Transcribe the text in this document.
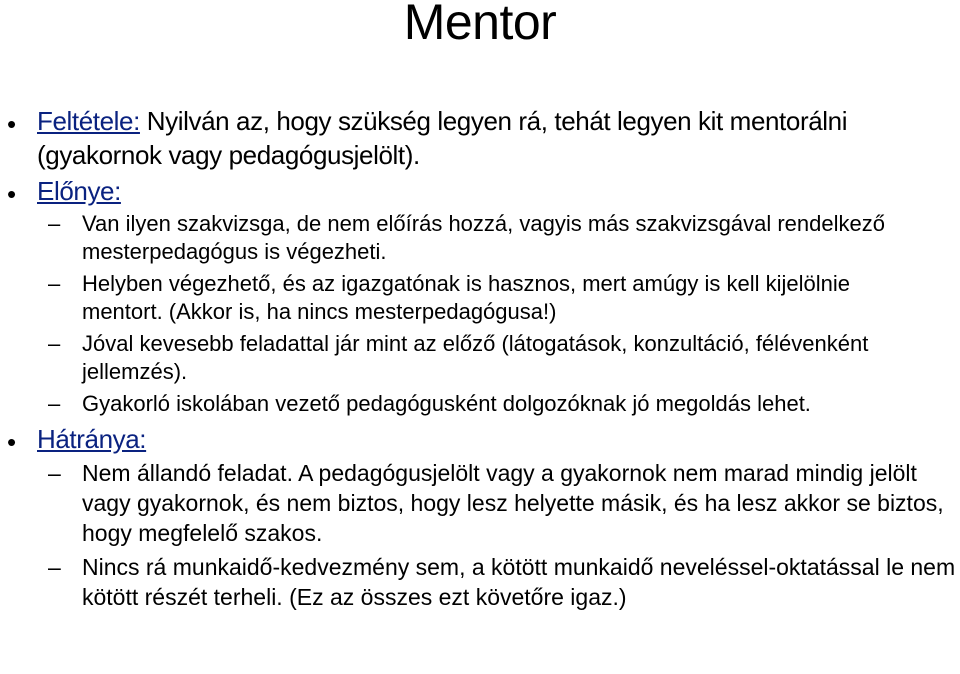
Mentor
• Feltétele: Nyilván az, hogy szükség legyen rá, tehát legyen kit mentorálni (gyakornok vagy pedagógusjelölt).
• Előnye:
– Van ilyen szakvizsga, de nem előírás hozzá, vagyis más szakvizsgával rendelkező mesterpedagógus is végezheti.
– Helyben végezhető, és az igazgatónak is hasznos, mert amúgy is kell kijelölnie mentort. (Akkor is, ha nincs mesterpedagógusa!)
– Jóval kevesebb feladattal jár mint az előző (látogatások, konzultáció, félévenként jellemzés).
– Gyakorló iskolában vezető pedagógusként dolgozóknak jó megoldás lehet.
• Hátránya:
– Nem állandó feladat. A pedagógusjelölt vagy a gyakornok nem marad mindig jelölt vagy gyakornok, és nem biztos, hogy lesz helyette másik, és ha lesz akkor se biztos, hogy megfelelő szakos.
– Nincs rá munkaidő-kedvezmény sem, a kötött munkaidő neveléssel-oktatással le nem kötött részét terheli. (Ez az összes ezt követőre igaz.)
